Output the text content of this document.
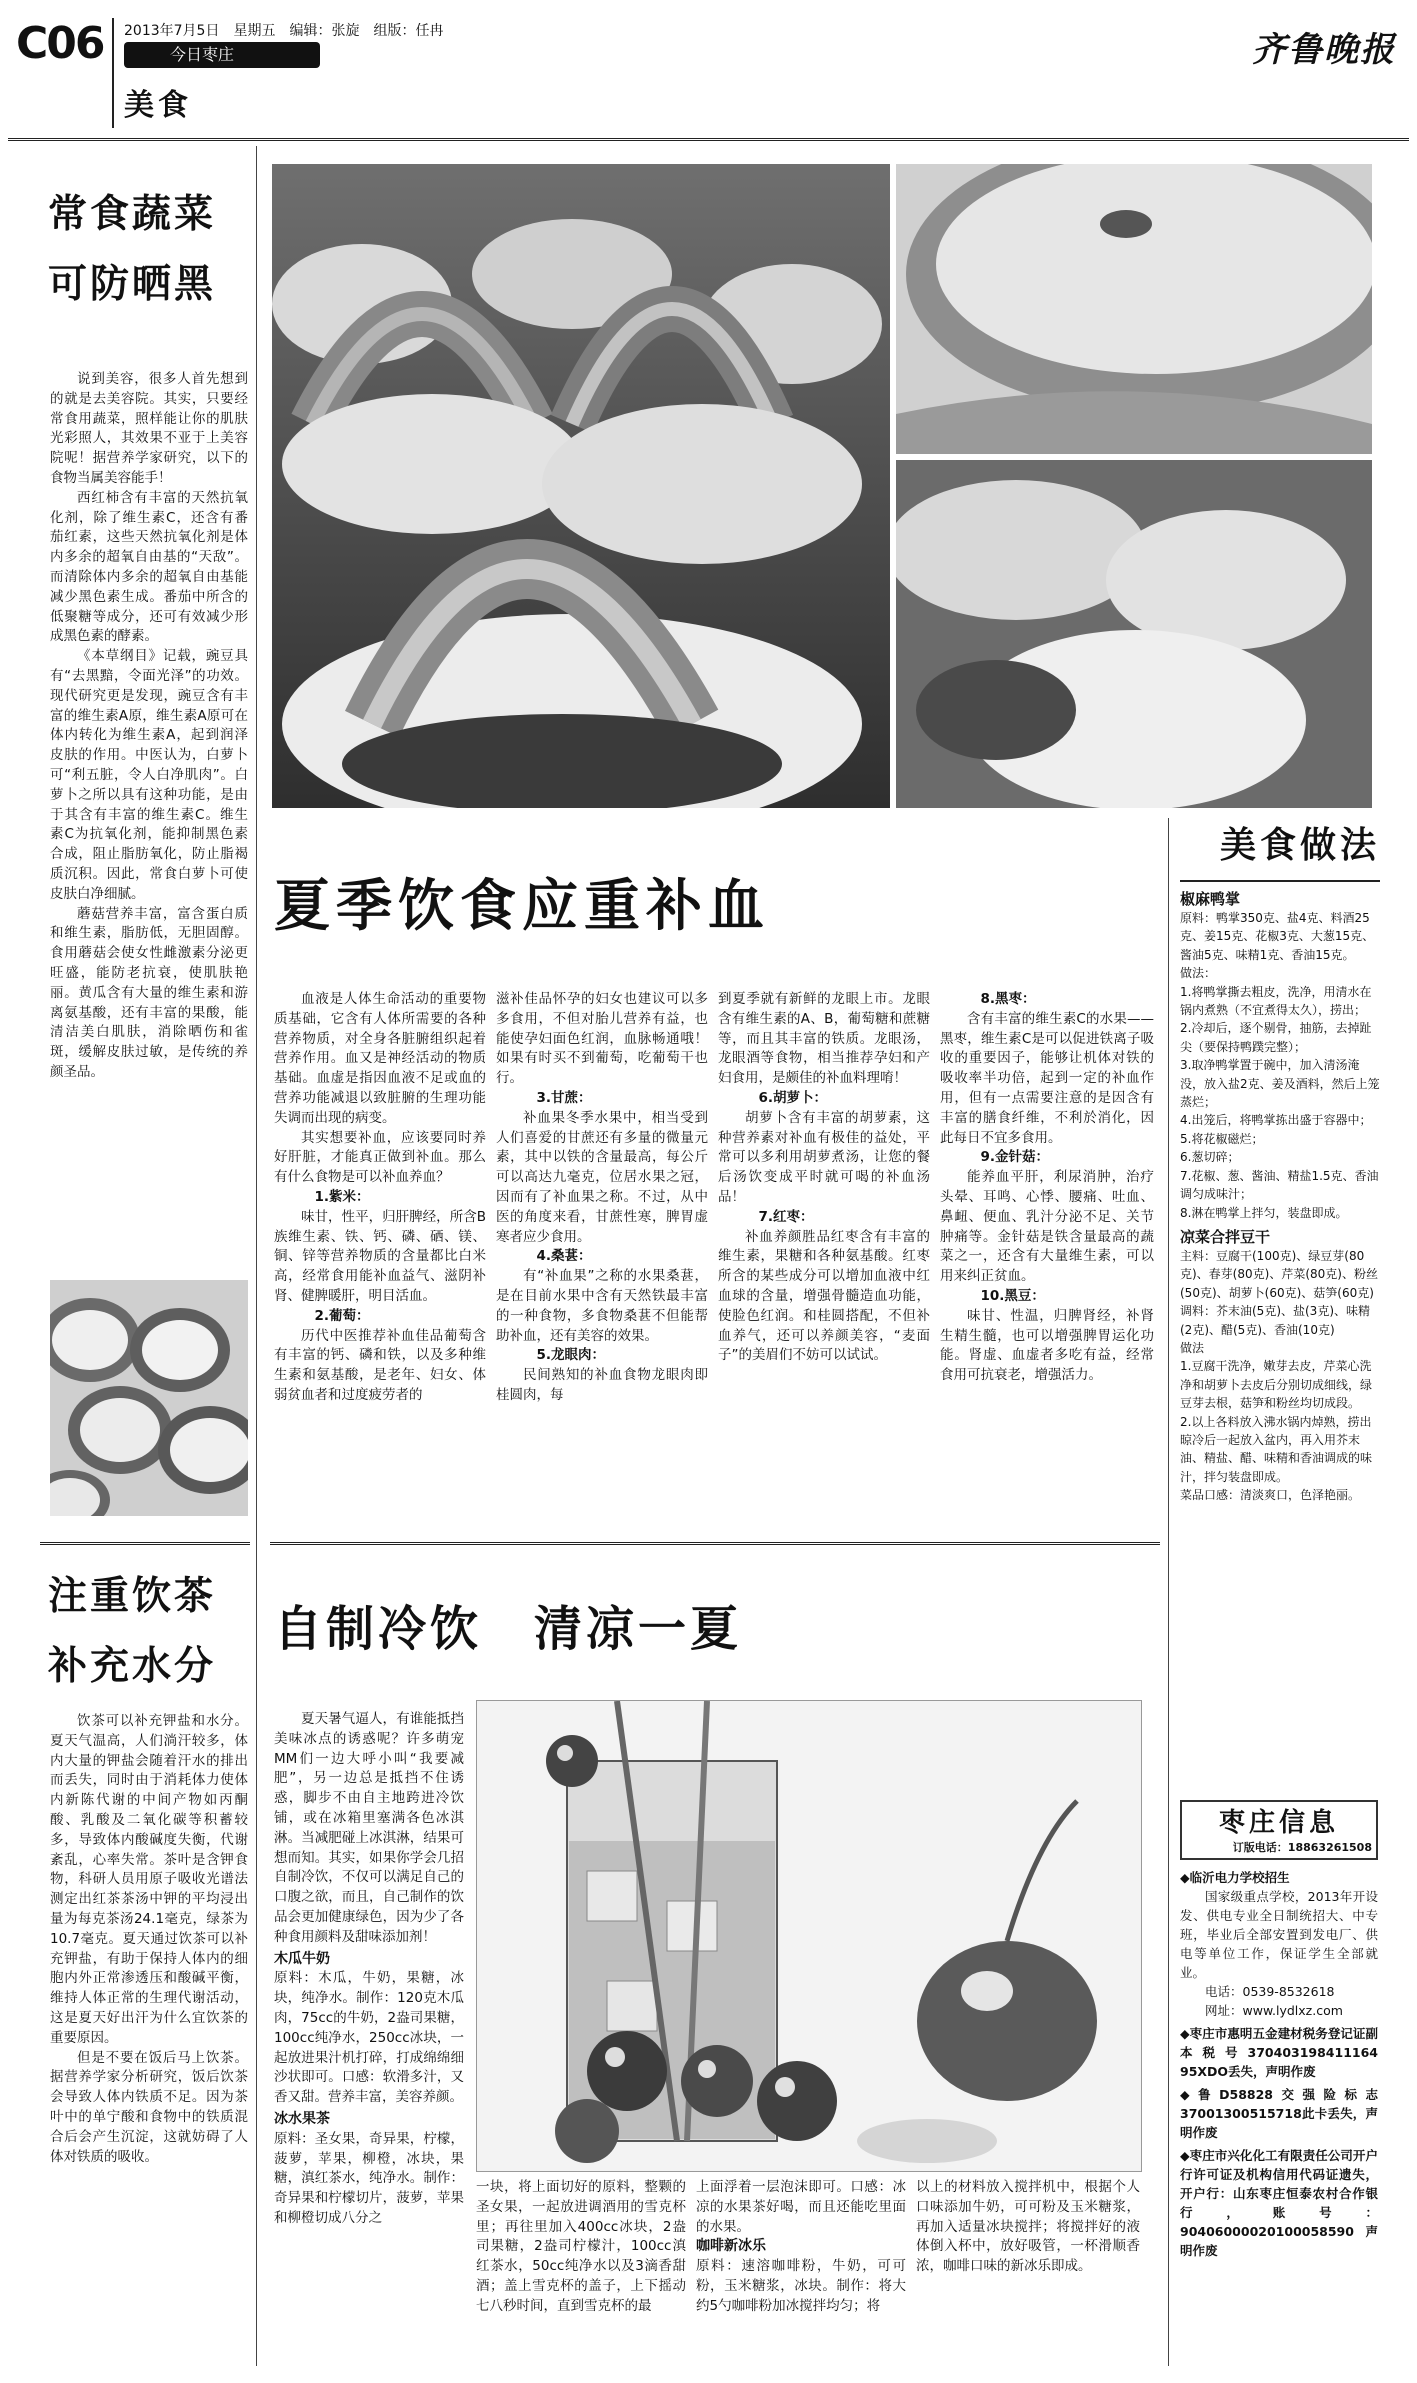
C06 2013年7月5日　星期五　编辑：张旋　组版：任冉
今日枣庄
美食
齐鲁晚报
常食蔬菜
可防晒黑

说到美容，很多人首先想到的就是去美容院。其实，只要经常食用蔬菜，照样能让你的肌肤光彩照人，其效果不亚于上美容院呢！据营养学家研究，以下的食物当属美容能手！

西红柿含有丰富的天然抗氧化剂，除了维生素C，还含有番茄红素，这些天然抗氧化剂是体内多余的超氧自由基的“天敌”。而清除体内多余的超氧自由基能减少黑色素生成。番茄中所含的低聚糖等成分，还可有效减少形成黑色素的酵素。

《本草纲目》记载，豌豆具有“去黑黯，令面光泽”的功效。现代研究更是发现，豌豆含有丰富的维生素A原，维生素A原可在体内转化为维生素A，起到润泽皮肤的作用。中医认为，白萝卜可“利五脏，令人白净肌肉”。白萝卜之所以具有这种功能，是由于其含有丰富的维生素C。维生素C为抗氧化剂，能抑制黑色素合成，阻止脂肪氧化，防止脂褐质沉积。因此，常食白萝卜可使皮肤白净细腻。

蘑菇营养丰富，富含蛋白质和维生素，脂肪低，无胆固醇。食用蘑菇会使女性雌激素分泌更旺盛，能防老抗衰，使肌肤艳丽。黄瓜含有大量的维生素和游离氨基酸，还有丰富的果酸，能清洁美白肌肤，消除晒伤和雀斑，缓解皮肤过敏，是传统的养颜圣品。

注重饮茶
补充水分

饮茶可以补充钾盐和水分。夏天气温高，人们淌汗较多，体内大量的钾盐会随着汗水的排出而丢失，同时由于消耗体力使体内新陈代谢的中间产物如丙酮酸、乳酸及二氧化碳等积蓄较多，导致体内酸碱度失衡，代谢紊乱，心率失常。茶叶是含钾食物，科研人员用原子吸收光谱法测定出红茶茶汤中钾的平均浸出量为每克茶汤24.1毫克，绿茶为10.7毫克。夏天通过饮茶可以补充钾盐，有助于保持人体内的细胞内外正常渗透压和酸碱平衡，维持人体正常的生理代谢活动，这是夏天好出汗为什么宜饮茶的重要原因。

但是不要在饭后马上饮茶。据营养学家分析研究，饭后饮茶会导致人体内铁质不足。因为茶叶中的单宁酸和食物中的铁质混合后会产生沉淀，这就妨碍了人体对铁质的吸收。

美食做法
椒麻鸭掌
原料：鸭掌350克、盐4克、料酒25克、姜15克、花椒3克、大葱15克、酱油5克、味精1克、香油15克。
做法：
1.将鸭掌撕去粗皮，洗净，用清水在锅内煮熟（不宜煮得太久），捞出；
2.冷却后，逐个剔骨，抽筋，去掉趾尖（要保持鸭蹼完整）；
3.取净鸭掌置于碗中，加入清汤淹没，放入盐2克、姜及酒料，然后上笼蒸烂；
4.出笼后，将鸭掌拣出盛于容器中；
5.将花椒磁烂；
6.葱切碎；
7.花椒、葱、酱油、精盐1.5克、香油调匀成味汁；
8.淋在鸭掌上拌匀，装盘即成。
凉菜合拌豆干
主料：豆腐干(100克)、绿豆芽(80克)、春芽(80克)、芹菜(80克)、粉丝(50克)、胡萝卜(60克)、菇笋(60克)
调料：芥末油(5克)、盐(3克)、味精(2克)、醋(5克)、香油(10克)
做法
1.豆腐干洗净，嫩芽去皮，芹菜心洗净和胡萝卜去皮后分别切成细线，绿豆芽去根，菇笋和粉丝均切成段。
2.以上各料放入沸水锅内焯熟，捞出晾冷后一起放入盆内，再入用芥末油、精盐、醋、味精和香油调成的味汁，拌匀装盘即成。
菜品口感：清淡爽口，色泽艳丽。
枣庄信息
订版电话：18863261508
◆临沂电力学校招生
国家级重点学校，2013年开设发、供电专业全日制统招大、中专班，毕业后全部安置到发电厂、供电等单位工作，保证学生全部就业。
电话：0539-8532618
网址：www.lydlxz.com
◆枣庄市惠明五金建材税务登记证副本税号370403198411164​95XDO丢失，声明作废
◆鲁D58828交强险标志370013005157​18此卡丢失，声明作废
◆枣庄市兴化化工有限责任公司开户行许可证及机构信用代码证遗失，开户行：山东枣庄恒泰农村合作银行，账号：90406000020100058590声明作废
夏季饮食应重补血

血液是人体生命活动的重要物质基础，它含有人体所需要的各种营养物质，对全身各脏腑组织起着营养作用。血又是神经活动的物质基础。血虚是指因血液不足或血的营养功能减退以致脏腑的生理功能失调而出现的病变。

其实想要补血，应该要同时养好肝脏，才能真正做到补血。那么有什么食物是可以补血养血？

1.紫米：

味甘，性平，归肝脾经，所含B族维生素、铁、钙、磷、硒、镁、铜、锌等营养物质的含量都比白米高，经常食用能补血益气、滋阴补肾、健脾暖肝，明目活血。

2.葡萄：

历代中医推荐补血佳品葡萄含有丰富的钙、磷和铁，以及多种维生素和氨基酸，是老年、妇女、体弱贫血者和过度疲劳者的

滋补佳品怀孕的妇女也建议可以多多食用，不但对胎儿营养有益，也能使孕妇面色红润，血脉畅通哦！如果有时买不到葡萄，吃葡萄干也行。
3.甘蔗：

补血果冬季水果中，相当受到人们喜爱的甘蔗还有多量的微量元素，其中以铁的含量最高，每公斤可以高达九毫克，位居水果之冠，因而有了补血果之称。不过，从中医的角度来看，甘蔗性寒，脾胃虚寒者应少食用。

4.桑葚：

有“补血果”之称的水果桑葚，是在目前水果中含有天然铁最丰富的一种食物，多食物桑葚不但能帮助补血，还有美容的效果。

5.龙眼肉：

民间熟知的补血食物龙眼肉即桂圆肉，每

到夏季就有新鲜的龙眼上市。龙眼含有维生素的A、B，葡萄糖和蔗糖等，而且其丰富的铁质。龙眼汤，龙眼酒等食物，相当推荐孕妇和产妇食用，是颇佳的补血料理唷！
6.胡萝卜：

胡萝卜含有丰富的胡萝素，这种营养素对补血有极佳的益处，平常可以多利用胡萝煮汤，让您的餐后汤饮变成平时就可喝的补血汤品！

7.红枣：

补血养颜胜品红枣含有丰富的维生素，果糖和各种氨基酸。红枣所含的某些成分可以增加血液中红血球的含量，增强骨髓造血功能，使脸色红润。和桂圆搭配，不但补血养气，还可以养颜美容，“麦面子”的美眉们不妨可以试试。

8.黑枣：

含有丰富的维生素C的水果——黑枣，维生素C是可以促进铁离子吸收的重要因子，能够让机体对铁的吸收率半功倍，起到一定的补血作用，但有一点需要注意的是因含有丰富的膳食纤维，不利於消化，因此每日不宜多食用。

9.金针菇：

能养血平肝，利尿消肿，治疗头晕、耳鸣、心悸、腰痛、吐血、鼻衄、便血、乳汁分泌不足、关节肿痛等。金针菇是铁含量最高的蔬菜之一，还含有大量维生素，可以用来纠正贫血。

10.黑豆：

味甘、性温，归脾肾经，补肾生精生髓，也可以增强脾胃运化功能。肾虚、血虚者多吃有益，经常食用可抗衰老，增强活力。

自制冷饮　清凉一夏

夏天暑气逼人，有谁能抵挡美味冰点的诱惑呢？许多萌宠MM们一边大呼小叫“我要减肥”，另一边总是抵挡不住诱惑，脚步不由自主地跨进冷饮铺，或在冰箱里塞满各色冰淇淋。当减肥碰上冰淇淋，结果可想而知。其实，如果你学会几招自制冷饮，不仅可以满足自己的口腹之欲，而且，自己制作的饮品会更加健康绿色，因为少了各种食用颜料及甜味添加剂！

木瓜牛奶
原料：木瓜，牛奶，果糖，冰块，纯净水。制作：120克木瓜肉，75cc的牛奶，2盎司果糖，100cc纯净水，250cc冰块，一起放进果汁机打碎，打成绵绵细沙状即可。口感：软滑多汁，又香又甜。营养丰富，美容养颜。
冰水果茶
原料：圣女果，奇异果，柠檬，菠萝，苹果，柳橙，冰块，果糖，滇红茶水，纯净水。制作：奇异果和柠檬切片，菠萝，苹果和柳橙切成八分之
一块，将上面切好的原料，整颗的圣女果，一起放进调酒用的雪克杯里；再往里加入400cc冰块，2盎司果糖，2盎司柠檬汁，100cc滇红茶水，50cc纯净水以及3滴香甜酒；盖上雪克杯的盖子，上下摇动七八秒时间，直到雪克杯的最
上面浮着一层泡沫即可。口感：冰凉的水果茶好喝，而且还能吃里面的水果。
咖啡新冰乐
原料：速溶咖啡粉，牛奶，可可粉，玉米糖浆，冰块。制作：将大约5勺咖啡粉加冰搅拌均匀；将
以上的材料放入搅拌机中，根据个人口味添加牛奶，可可粉及玉米糖浆，再加入适量冰块搅拌；将搅拌好的液体倒入杯中，放好吸管，一杯滑顺香浓，咖啡口味的新冰乐即成。
